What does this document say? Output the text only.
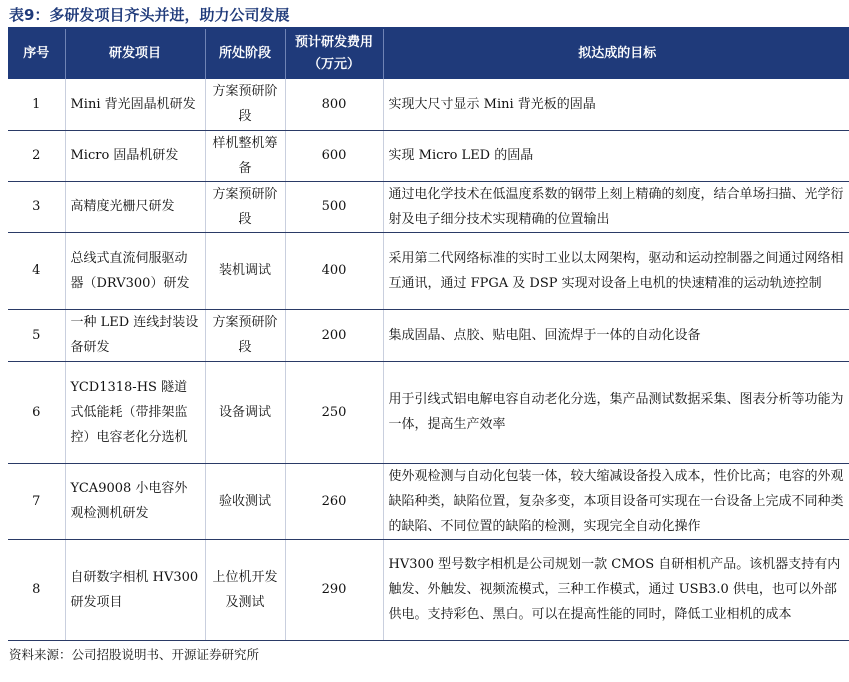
表9：多研发项目齐头并进，助力公司发展
序号	研发项目	所处阶段	预计研发费用（万元）	拟达成的目标
1	Mini 背光固晶机研发	方案预研阶段	800	实现大尺寸显示 Mini 背光板的固晶
2	Micro 固晶机研发	样机整机筹备	600	实现 Micro LED 的固晶
3	高精度光栅尺研发	方案预研阶段	500	通过电化学技术在低温度系数的钢带上刻上精确的刻度，结合单场扫描、光学衍射及电子细分技术实现精确的位置输出
4	总线式直流伺服驱动器（DRV300）研发	装机调试	400	采用第二代网络标准的实时工业以太网架构，驱动和运动控制器之间通过网络相互通讯，通过 FPGA 及 DSP 实现对设备上电机的快速精准的运动轨迹控制
5	一种 LED 连线封装设备研发	方案预研阶段	200	集成固晶、点胶、贴电阻、回流焊于一体的自动化设备
6	YCD1318-HS 隧道式低能耗（带排架监控）电容老化分选机	设备调试	250	用于引线式铝电解电容自动老化分选，集产品测试数据采集、图表分析等功能为一体，提高生产效率
7	YCA9008 小电容外观检测机研发	验收测试	260	使外观检测与自动化包装一体，较大缩减设备投入成本，性价比高；电容的外观缺陷种类，缺陷位置，复杂多变，本项目设备可实现在一台设备上完成不同种类的缺陷、不同位置的缺陷的检测，实现完全自动化操作
8	自研数字相机 HV300 研发项目	上位机开发及测试	290	HV300 型号数字相机是公司规划一款 CMOS 自研相机产品。该机器支持有内触发、外触发、视频流模式，三种工作模式，通过 USB3.0 供电，也可以外部供电。支持彩色、黑白。可以在提高性能的同时，降低工业相机的成本
资料来源：公司招股说明书、开源证券研究所
